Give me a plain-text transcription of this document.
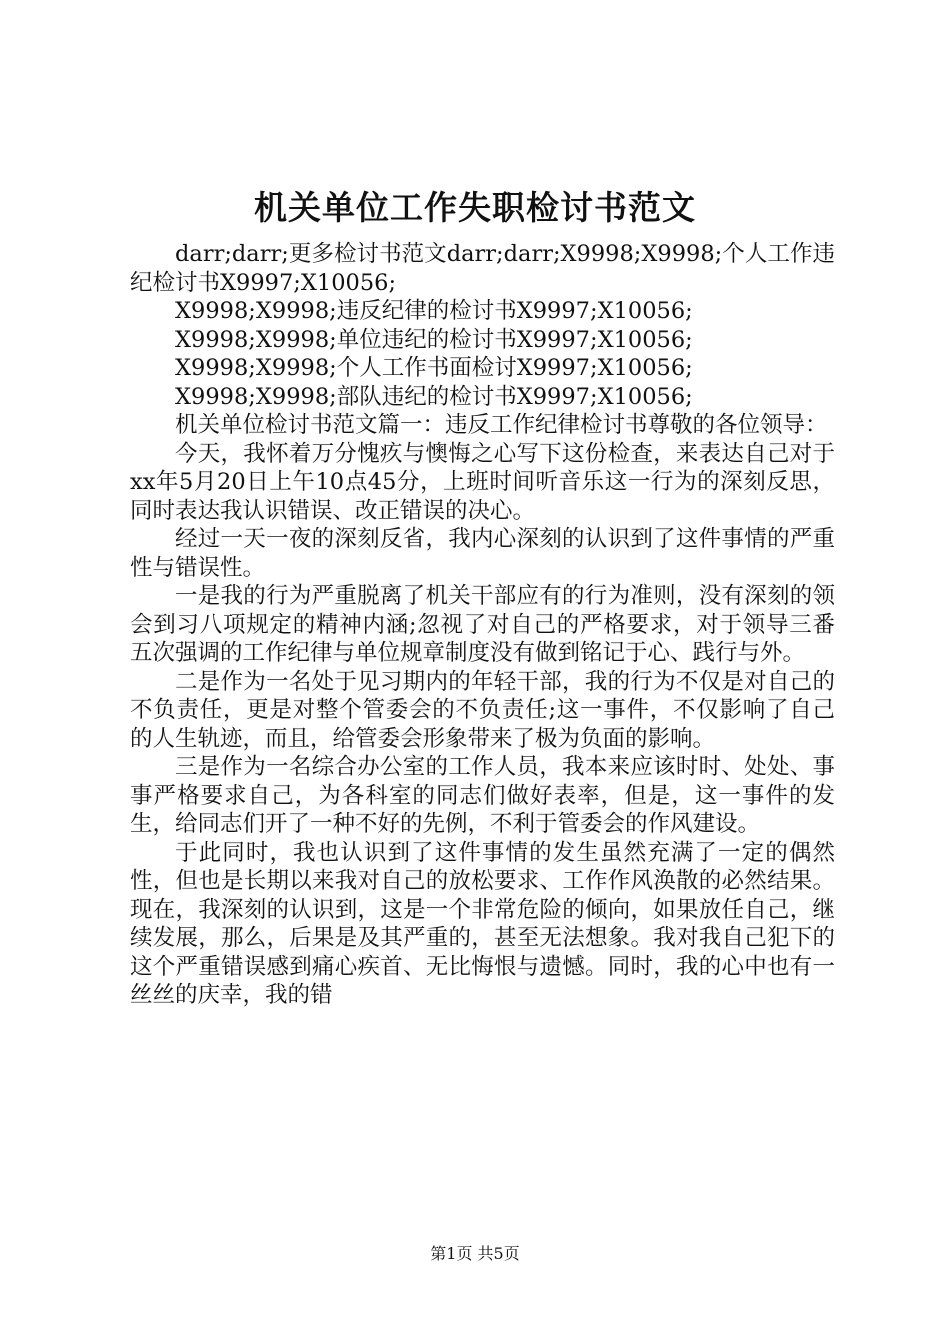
机关单位工作失职检讨书范文

darr;darr;更多检讨书范文darr;darr;X9998;X9998;个人工作违纪检讨书X9997;X10056;

X9998;X9998;违反纪律的检讨书X9997;X10056;

X9998;X9998;单位违纪的检讨书X9997;X10056;

X9998;X9998;个人工作书面检讨X9997;X10056;

X9998;X9998;部队违纪的检讨书X9997;X10056;

机关单位检讨书范文篇一：违反工作纪律检讨书尊敬的各位领导：

今天，我怀着万分愧疚与懊悔之心写下这份检查，来表达自己对于xx年5月20日上午10点45分，上班时间听音乐这一行为的深刻反思，同时表达我认识错误、改正错误的决心。

经过一天一夜的深刻反省，我内心深刻的认识到了这件事情的严重性与错误性。

一是我的行为严重脱离了机关干部应有的行为准则，没有深刻的领会到习八项规定的精神内涵;忽视了对自己的严格要求，对于领导三番五次强调的工作纪律与单位规章制度没有做到铭记于心、践行与外。

二是作为一名处于见习期内的年轻干部，我的行为不仅是对自己的不负责任，更是对整个管委会的不负责任;这一事件，不仅影响了自己的人生轨迹，而且，给管委会形象带来了极为负面的影响。

三是作为一名综合办公室的工作人员，我本来应该时时、处处、事事严格要求自己，为各科室的同志们做好表率，但是，这一事件的发生，给同志们开了一种不好的先例，不利于管委会的作风建设。

于此同时，我也认识到了这件事情的发生虽然充满了一定的偶然性，但也是长期以来我对自己的放松要求、工作作风涣散的必然结果。现在，我深刻的认识到，这是一个非常危险的倾向，如果放任自己，继续发展，那么，后果是及其严重的，甚至无法想象。我对我自己犯下的这个严重错误感到痛心疾首、无比悔恨与遗憾。同时，我的心中也有一丝丝的庆幸，我的错

第1页 共5页
